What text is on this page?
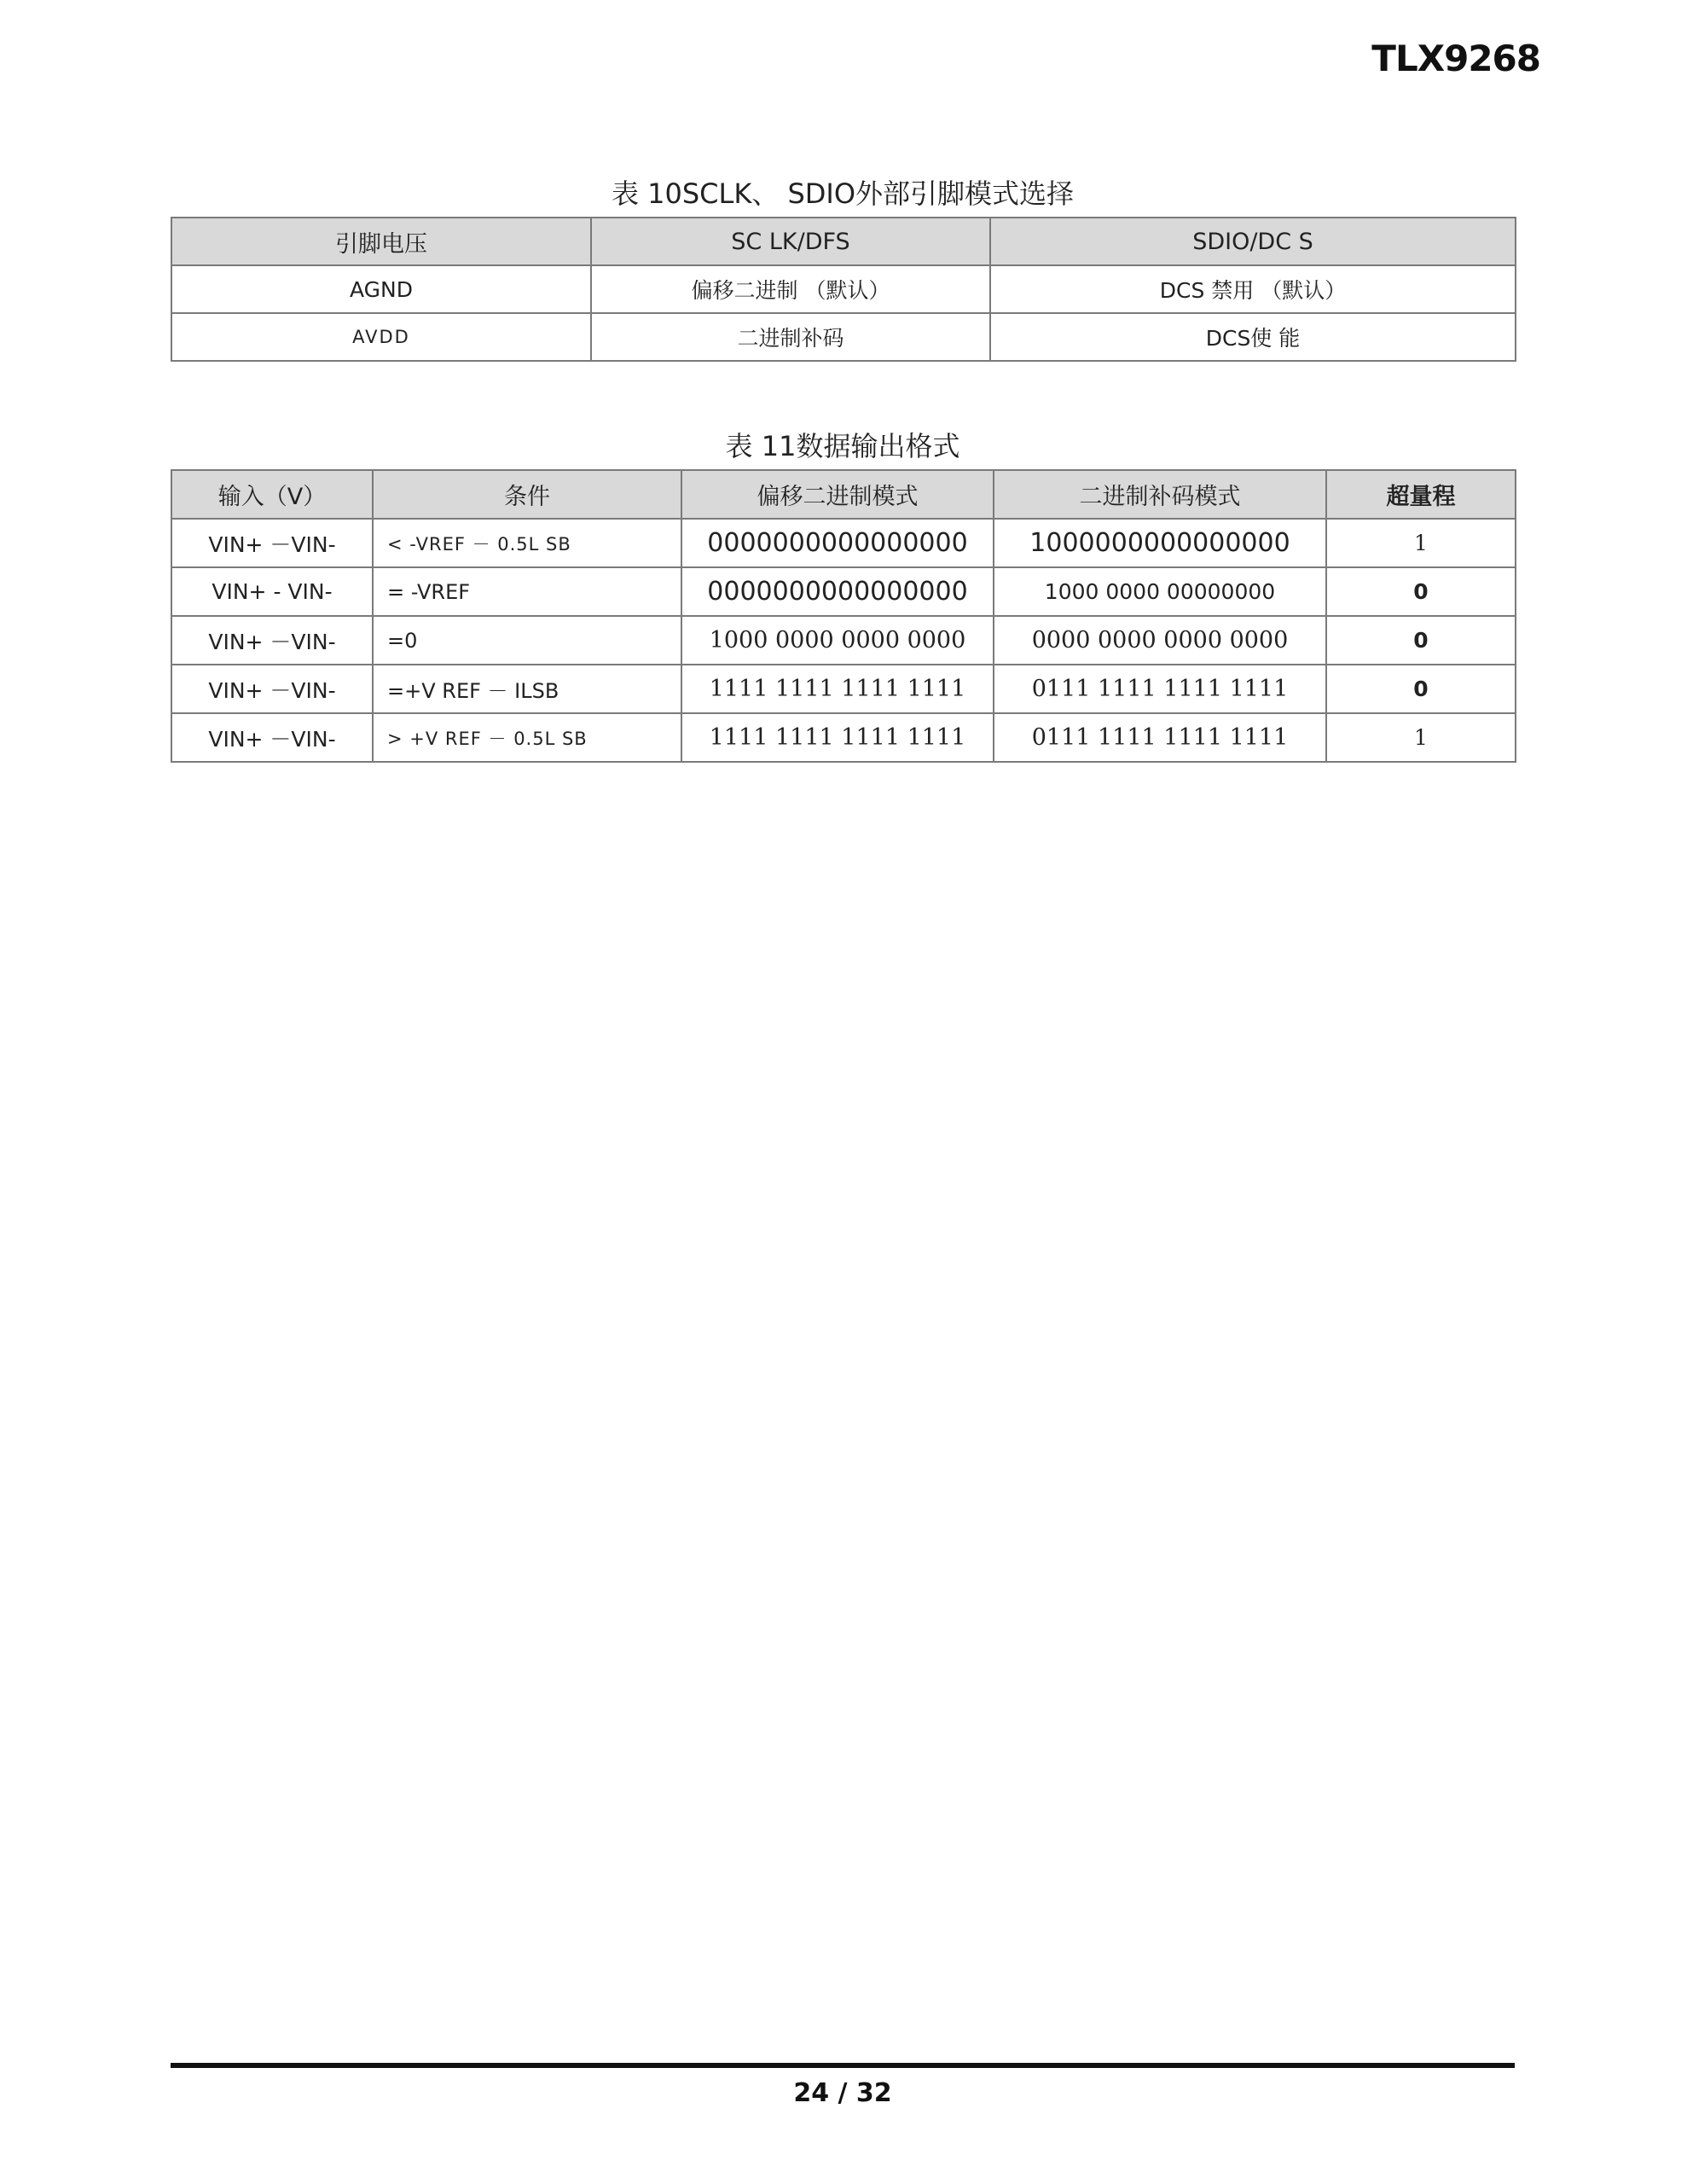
TLX9268
表 10SCLK、 SDIO外部引脚模式选择
引脚电压	SC LK/DFS	SDIO/DC S
AGND	偏移二进制 （默认）	DCS 禁用 （默认）
AVDD	二进制补码	DCS使 能
表 11数据输出格式
输入（V）	条件	偏移二进制模式	二进制补码模式	超量程
VIN+ －VIN-	< -VREF － 0.5L SB	0000000000000000	1000000000000000	1
VIN+ - VIN-	= -VREF	0000000000000000	1000 0000 00000000	0
VIN+ －VIN-	=0	1000 0000 0000 0000	0000 0000 0000 0000	0
VIN+ －VIN-	=+V REF － ILSB	1111 1111 1111 1111	0111 1111 1111 1111	0
VIN+ －VIN-	> +V REF － 0.5L SB	1111 1111 1111 1111	0111 1111 1111 1111	1
24 / 32
